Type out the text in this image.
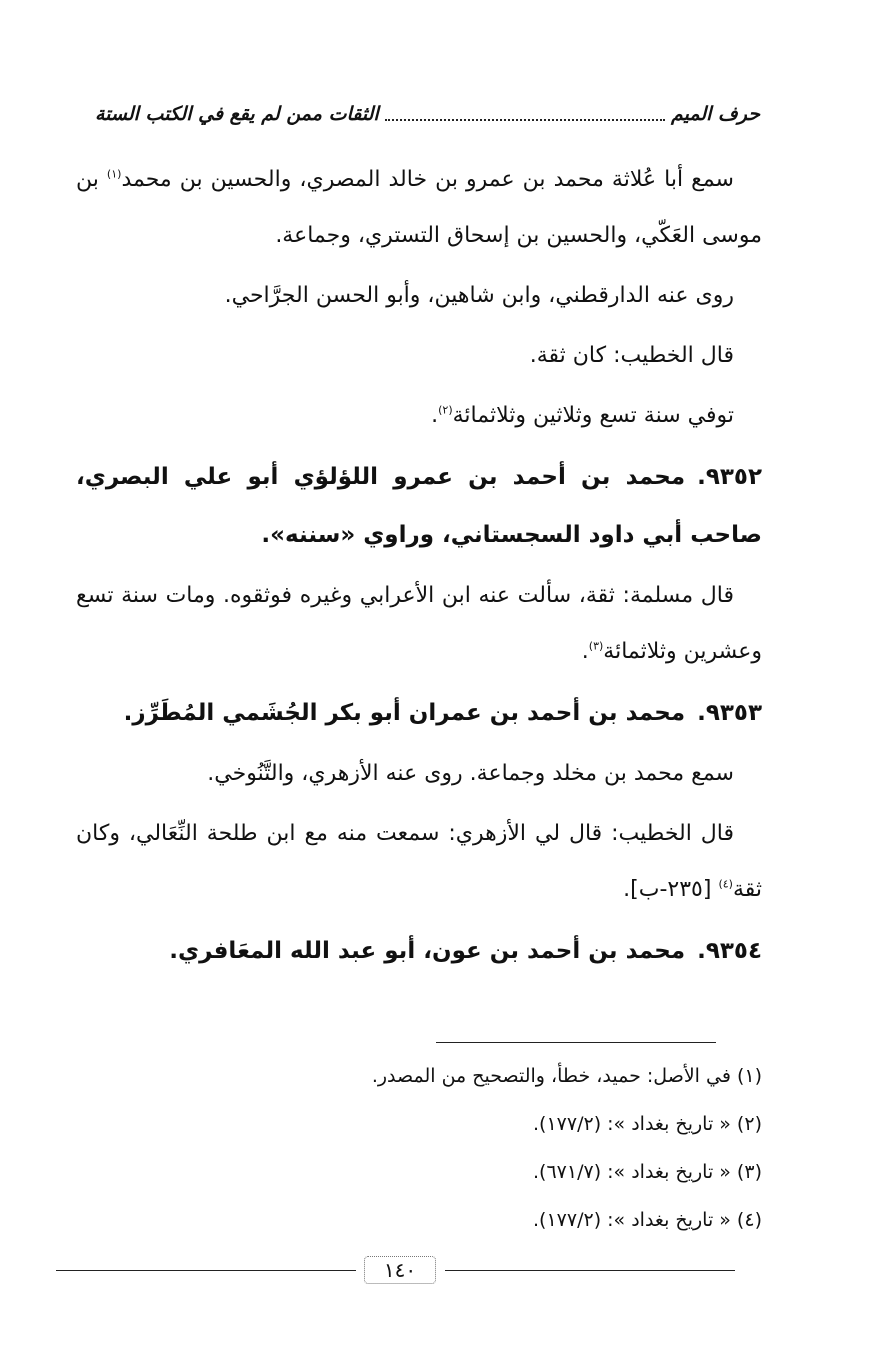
حرف الميم
الثقات ممن لم يقع في الكتب الستة

سمع أبا عُلاثة محمد بن عمرو بن خالد المصري، والحسين بن محمد$^{(١)}$ بن موسى العَكّي، والحسين بن إسحاق التستري، وجماعة.

روى عنه الدارقطني، وابن شاهين، وأبو الحسن الجرَّاحي.

قال الخطيب: كان ثقة.

توفي سنة تسع وثلاثين وثلاثمائة$^{(٢)}$.

٩٣٥٢.محمد بن أحمد بن عمرو اللؤلؤي أبو علي البصري، صاحب أبي داود السجستاني، وراوي «سننه».

قال مسلمة: ثقة، سألت عنه ابن الأعرابي وغيره فوثقوه. ومات سنة تسع وعشرين وثلاثمائة$^{(٣)}$.

٩٣٥٣.محمد بن أحمد بن عمران أبو بكر الجُشَمي المُطَرِّز.

سمع محمد بن مخلد وجماعة. روى عنه الأزهري، والتَّنُوخي.

قال الخطيب: قال لي الأزهري: سمعت منه مع ابن طلحة النِّعَالي، وكان ثقة$^{(٤)}$ [٢٣٥-ب].

٩٣٥٤.محمد بن أحمد بن عون، أبو عبد الله المعَافري.

(١) في الأصل: حميد، خطأ، والتصحيح من المصدر.
(٢) « تاريخ بغداد »: (١٧٧/٢).
(٣) « تاريخ بغداد »: (٦٧١/٧).
(٤) « تاريخ بغداد »: (١٧٧/٢).
١٤٠
